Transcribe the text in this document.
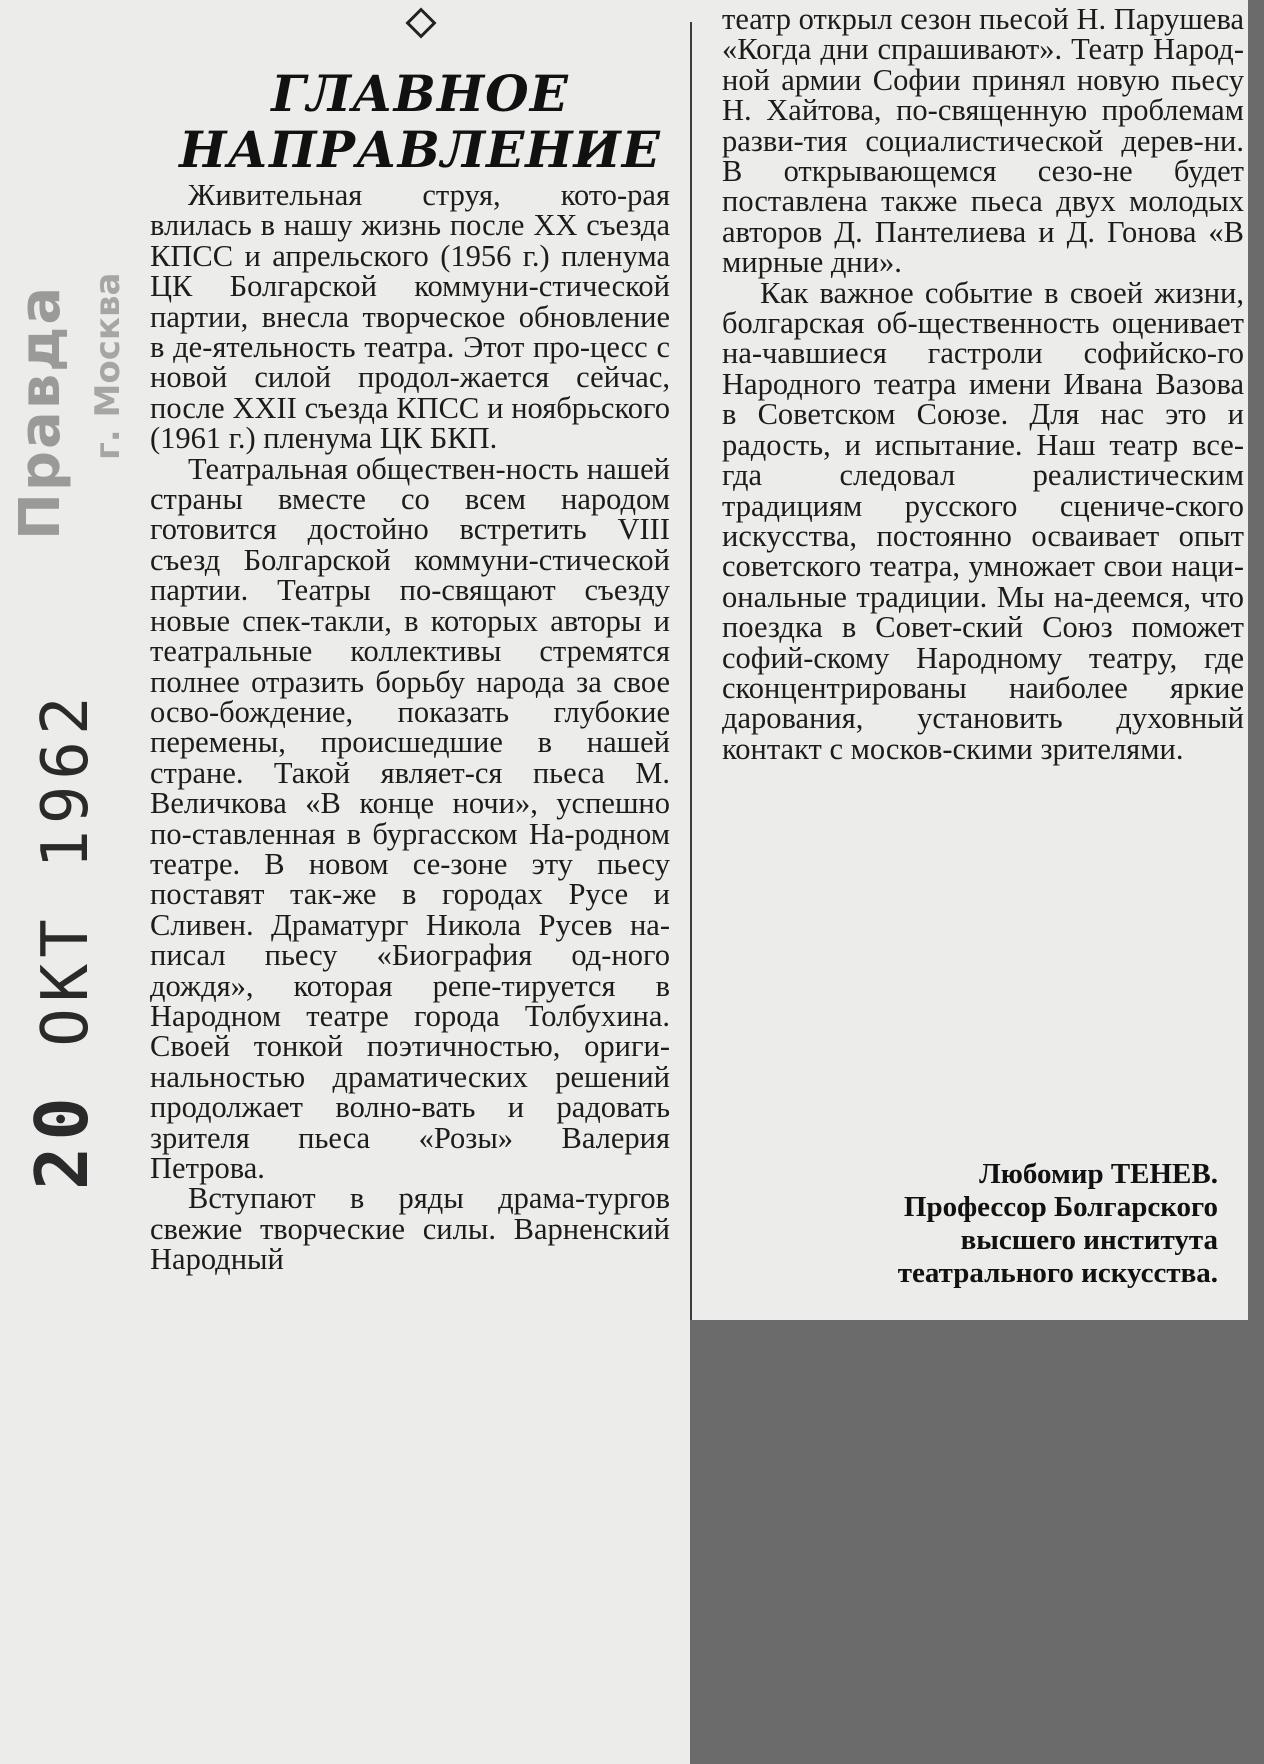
Правда г. Москва
20 ОКТ 1962
ГЛАВНОЕ
НАПРАВЛЕНИЕ

Живительная струя, кото-рая влилась в нашу жизнь после XX съезда КПСС и апрельского (1956 г.) пленума ЦК Болгарской коммуни-стической партии, внесла творческое обновление в де-ятельность театра. Этот про-цесс с новой силой продол-жается сейчас, после XXII съезда КПСС и ноябрьского (1961 г.) пленума ЦК БКП.

Театральная обществен-ность нашей страны вместе со всем народом готовится достойно встретить VIII съезд Болгарской коммуни-стической партии. Театры по-свящают съезду новые спек-такли, в которых авторы и театральные коллективы стремятся полнее отразить борьбу народа за свое осво-бождение, показать глубокие перемены, происшедшие в нашей стране. Такой являет-ся пьеса М. Величкова «В конце ночи», успешно по-ставленная в бургасском На-родном театре. В новом се-зоне эту пьесу поставят так-же в городах Русе и Сливен. Драматург Никола Русев на-писал пьесу «Биография од-ного дождя», которая репе-тируется в Народном театре города Толбухина. Своей тонкой поэтичностью, ориги-нальностью драматических решений продолжает волно-вать и радовать зрителя пьеса «Розы» Валерия Петрова.

Вступают в ряды драма-тургов свежие творческие силы. Варненский Народный

театр открыл сезон пьесой Н. Парушева «Когда дни спрашивают». Театр Народ-ной армии Софии принял новую пьесу Н. Хайтова, по-священную проблемам разви-тия социалистической дерев-ни. В открывающемся сезо-не будет поставлена также пьеса двух молодых авторов Д. Пантелиева и Д. Гонова «В мирные дни».

Как важное событие в своей жизни, болгарская об-щественность оценивает на-чавшиеся гастроли софийско-го Народного театра имени Ивана Вазова в Советском Союзе. Для нас это и радость, и испытание. Наш театр все-гда следовал реалистическим традициям русского сцениче-ского искусства, постоянно осваивает опыт советского театра, умножает свои нaци-ональные традиции. Мы на-деемся, что поездка в Совет-ский Союз поможет софий-скому Народному театру, где сконцентрированы наиболее яркие дарования, установить духовный контакт с москов-скими зрителями.

Любомир ТЕНЕВ.
Профессор Болгарского
высшего института
театрального искусства.
